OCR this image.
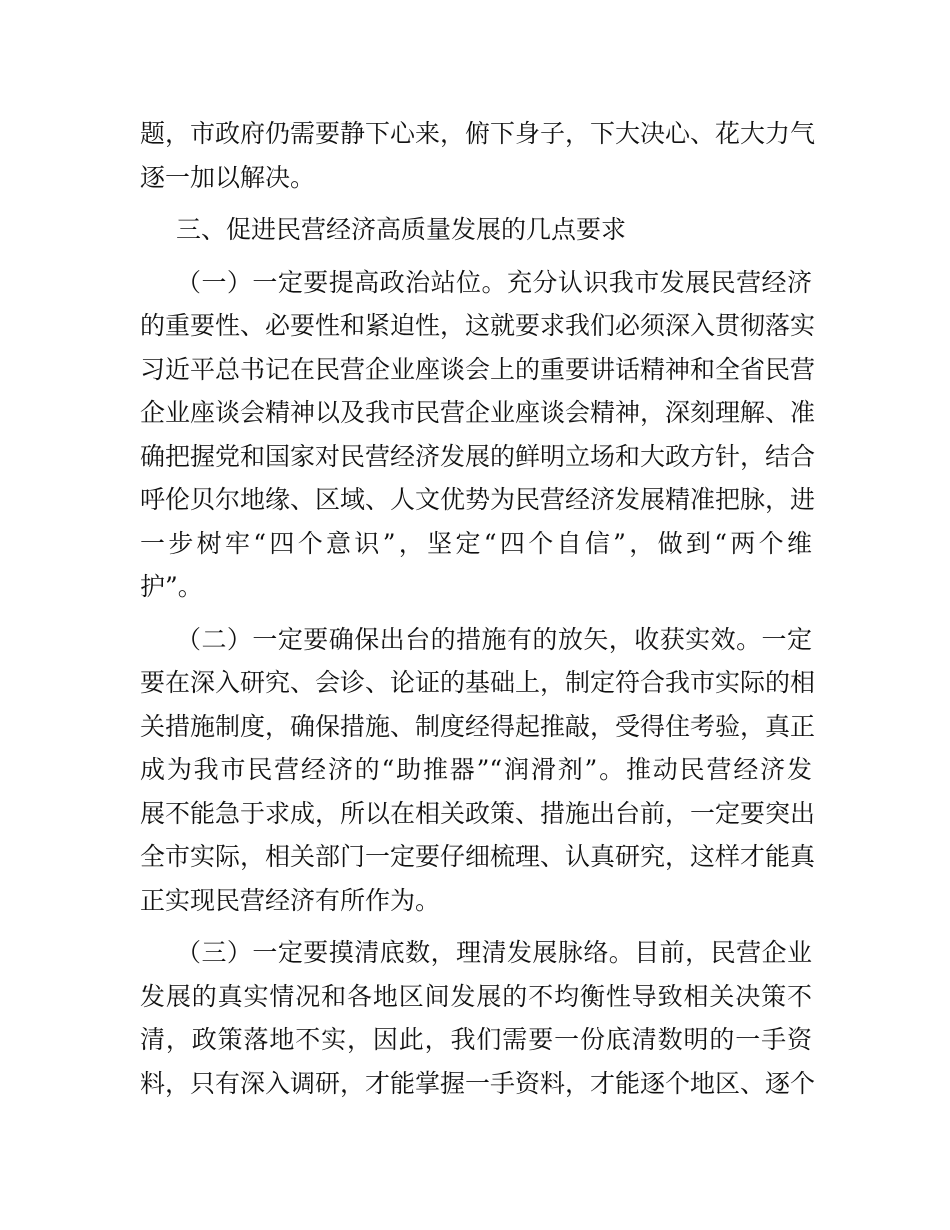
题，市政府仍需要静下心来，俯下身子，下大决心、花大力气
逐一加以解决。
三、促进民营经济高质量发展的几点要求
（一）一定要提高政治站位。充分认识我市发展民营经济
的重要性、必要性和紧迫性，这就要求我们必须深入贯彻落实
习近平总书记在民营企业座谈会上的重要讲话精神和全省民营
企业座谈会精神以及我市民营企业座谈会精神，深刻理解、准
确把握党和国家对民营经济发展的鲜明立场和大政方针，结合
呼伦贝尔地缘、区域、人文优势为民营经济发展精准把脉，进
一步树牢“四个意识”，坚定“四个自信”，做到“两个维
护”。
（二）一定要确保出台的措施有的放矢，收获实效。一定
要在深入研究、会诊、论证的基础上，制定符合我市实际的相
关措施制度，确保措施、制度经得起推敲，受得住考验，真正
成为我市民营经济的“助推器”“润滑剂”。推动民营经济发
展不能急于求成，所以在相关政策、措施出台前，一定要突出
全市实际，相关部门一定要仔细梳理、认真研究，这样才能真
正实现民营经济有所作为。
（三）一定要摸清底数，理清发展脉络。目前，民营企业
发展的真实情况和各地区间发展的不均衡性导致相关决策不
清，政策落地不实，因此，我们需要一份底清数明的一手资
料，只有深入调研，才能掌握一手资料，才能逐个地区、逐个
